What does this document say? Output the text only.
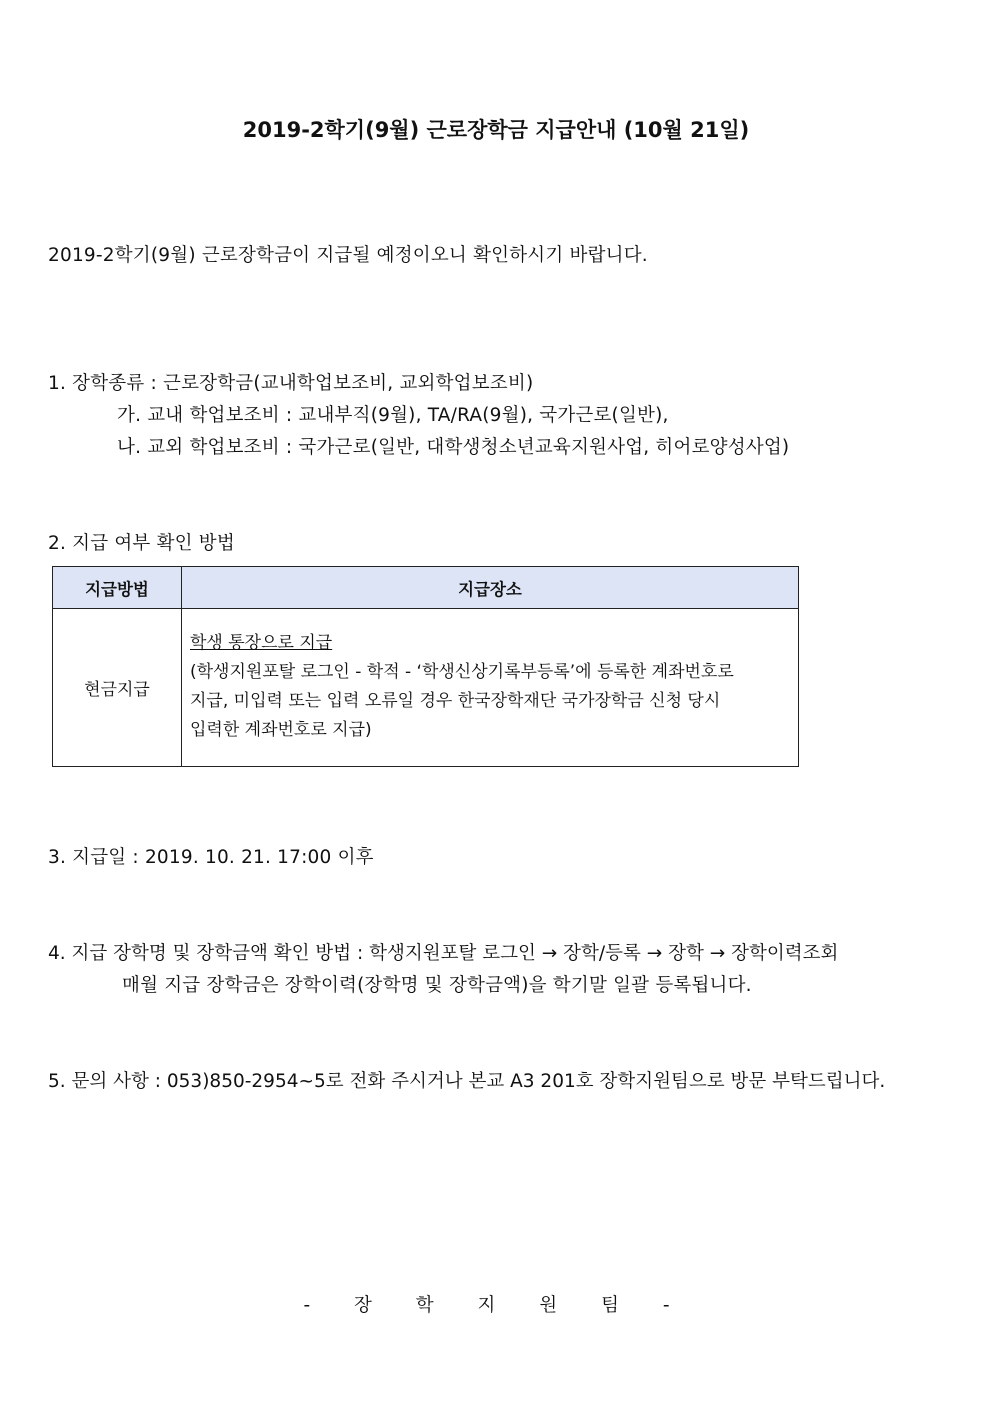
2019-2학기(9월) 근로장학금 지급안내 (10월 21일)
2019-2학기(9월) 근로장학금이 지급될 예정이오니 확인하시기 바랍니다.
1. 장학종류 : 근로장학금(교내학업보조비, 교외학업보조비)
가. 교내 학업보조비 : 교내부직(9월), TA/RA(9월), 국가근로(일반),
나. 교외 학업보조비 : 국가근로(일반, 대학생청소년교육지원사업, 히어로양성사업)
2. 지급 여부 확인 방법
지급방법	지급장소
현금지급	학생 통장으로 지급
(학생지원포탈 로그인 - 학적 - ‘학생신상기록부등록’에 등록한 계좌번호로
지급, 미입력 또는 입력 오류일 경우 한국장학재단 국가장학금 신청 당시
입력한 계좌번호로 지급)
3. 지급일 : 2019. 10. 21. 17:00 이후
4. 지급 장학명 및 장학금액 확인 방법 : 학생지원포탈 로그인 → 장학/등록 → 장학 → 장학이력조회
매월 지급 장학금은 장학이력(장학명 및 장학금액)을 학기말 일괄 등록됩니다.
5. 문의 사항 : 053)850-2954~5로 전화 주시거나 본교 A3 201호 장학지원팀으로 방문 부탁드립니다.
- 장 학 지 원 팀 -
